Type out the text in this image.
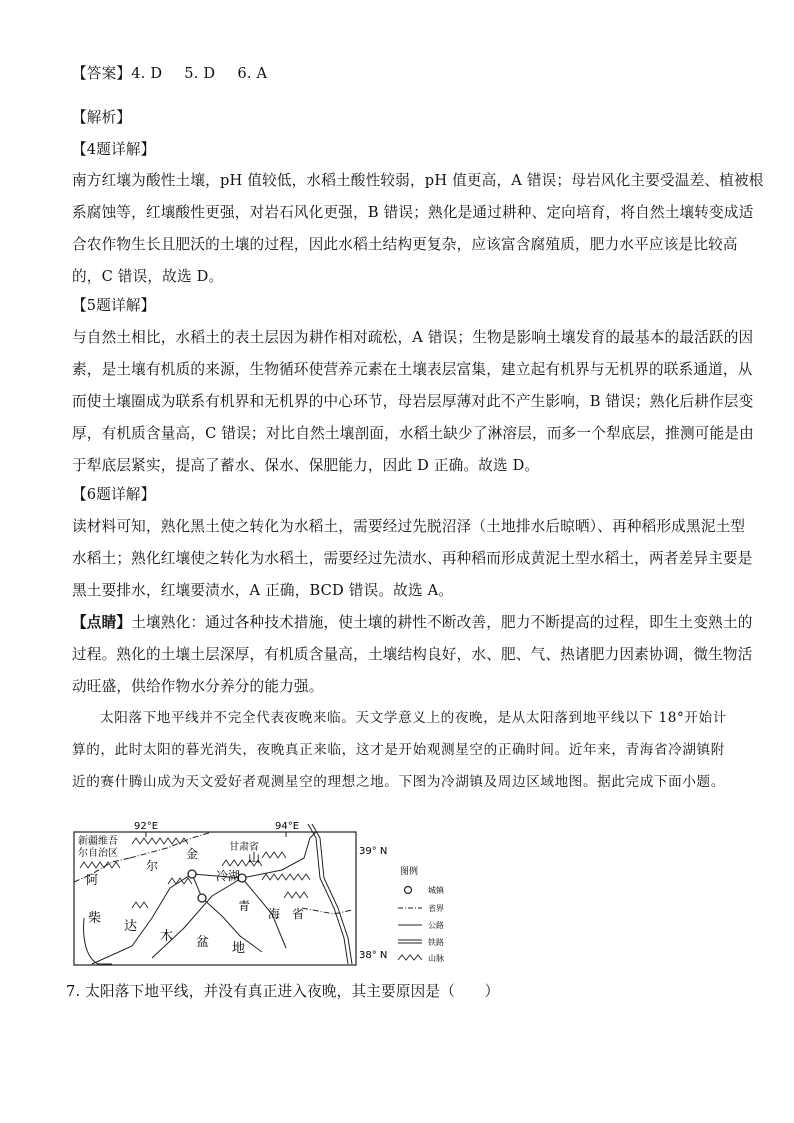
【答案】4. D 5. D 6. A
【解析】
【4题详解】
南方红壤为酸性土壤，pH 值较低，水稻土酸性较弱，pH 值更高，A 错误；母岩风化主要受温差、植被根
系腐蚀等，红壤酸性更强，对岩石风化更强，B 错误；熟化是通过耕种、定向培育，将自然土壤转变成适
合农作物生长且肥沃的土壤的过程，因此水稻土结构更复杂，应该富含腐殖质，肥力水平应该是比较高
的，C 错误，故选 D。
【5题详解】
与自然土相比，水稻土的表土层因为耕作相对疏松，A 错误；生物是影响土壤发育的最基本的最活跃的因
素，是土壤有机质的来源，生物循环使营养元素在土壤表层富集，建立起有机界与无机界的联系通道，从
而使土壤圈成为联系有机界和无机界的中心环节，母岩层厚薄对此不产生影响，B 错误；熟化后耕作层变
厚，有机质含量高，C 错误；对比自然土壤剖面，水稻土缺少了淋溶层，而多一个犁底层，推测可能是由
于犁底层紧实，提高了蓄水、保水、保肥能力，因此 D 正确。故选 D。
【6题详解】
读材料可知，熟化黑土使之转化为水稻土，需要经过先脱沼泽（土地排水后晾晒）、再种稻形成黑泥土型
水稻土；熟化红壤使之转化为水稻土，需要经过先渍水、再种稻而形成黄泥土型水稻土，两者差异主要是
黑土要排水，红壤要渍水，A 正确，BCD 错误。故选 A。
【点睛】土壤熟化：通过各种技术措施，使土壤的耕性不断改善，肥力不断提高的过程，即生土变熟土的
过程。熟化的土壤土层深厚，有机质含量高，土壤结构良好，水、肥、气、热诸肥力因素协调，微生物活
动旺盛，供给作物水分养分的能力强。
太阳落下地平线并不完全代表夜晚来临。天文学意义上的夜晚，是从太阳落到地平线以下 18°开始计
算的，此时太阳的暮光消失，夜晚真正来临，这才是开始观测星空的正确时间。近年来，青海省冷湖镇附
近的赛什腾山成为天文爱好者观测星空的理想之地。下图为冷湖镇及周边区域地图。据此完成下面小题。
92°E	94°E
39° N
38° N
新疆维吾
尔自治区
甘肃省
尔
金	山
阿	冷湖
青
海 省
柴
达
木 盆 地
图例
城镇
省界
公路
铁路
山脉
7. 太阳落下地平线，并没有真正进入夜晚，其主要原因是（　　）
